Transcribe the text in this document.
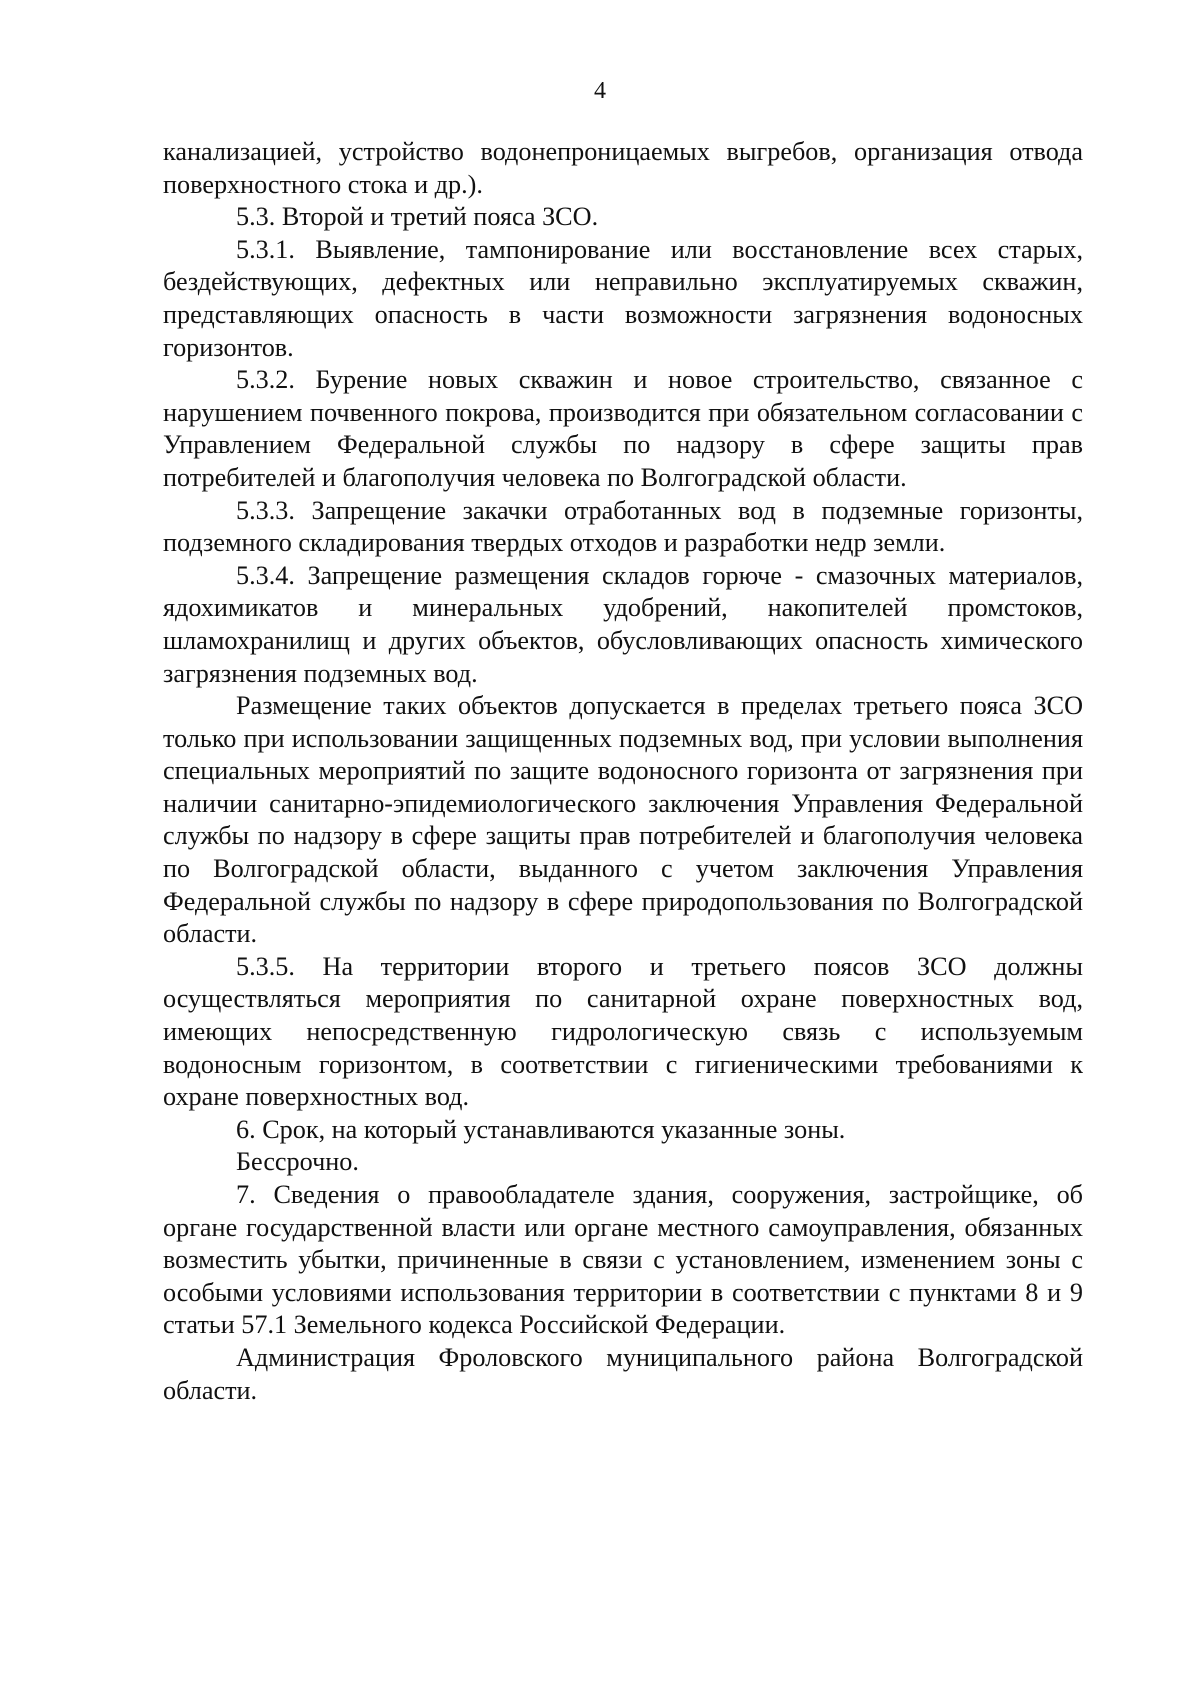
4

канализацией, устройство водонепроницаемых выгребов, организация отвода поверхностного стока и др.).

5.3. Второй и третий пояса ЗСО.

5.3.1. Выявление, тампонирование или восстановление всех старых, бездействующих, дефектных или неправильно эксплуатируемых скважин, представляющих опасность в части возможности загрязнения водоносных горизонтов.

5.3.2. Бурение новых скважин и новое строительство, связанное с нарушением почвенного покрова, производится при обязательном согласовании с Управлением Федеральной службы по надзору в сфере защиты прав потребителей и благополучия человека по Волгоградской области.

5.3.3. Запрещение закачки отработанных вод в подземные горизонты, подземного складирования твердых отходов и разработки недр земли.

5.3.4. Запрещение размещения складов горюче - смазочных материалов, ядохимикатов и минеральных удобрений, накопителей промстоков, шламохранилищ и других объектов, обусловливающих опасность химического загрязнения подземных вод.

Размещение таких объектов допускается в пределах третьего пояса ЗСО только при использовании защищенных подземных вод, при условии выполнения специальных мероприятий по защите водоносного горизонта от загрязнения при наличии санитарно-эпидемиологического заключения Управления Федеральной службы по надзору в сфере защиты прав потребителей и благополучия человека по Волгоградской области, выданного с учетом заключения Управления Федеральной службы по надзору в сфере природопользования по Волгоградской области.

5.3.5. На территории второго и третьего поясов ЗСО должны осуществляться мероприятия по санитарной охране поверхностных вод, имеющих непосредственную гидрологическую связь с используемым водоносным горизонтом, в соответствии с гигиеническими требованиями к охране поверхностных вод.

6. Срок, на который устанавливаются указанные зоны.

Бессрочно.

7. Сведения о правообладателе здания, сооружения, застройщике, об органе государственной власти или органе местного самоуправления, обязанных возместить убытки, причиненные в связи с установлением, изменением зоны с особыми условиями использования территории в соответствии с пунктами 8 и 9 статьи 57.1 Земельного кодекса Российской Федерации.

Администрация Фроловского муниципального района Волгоградской области.
